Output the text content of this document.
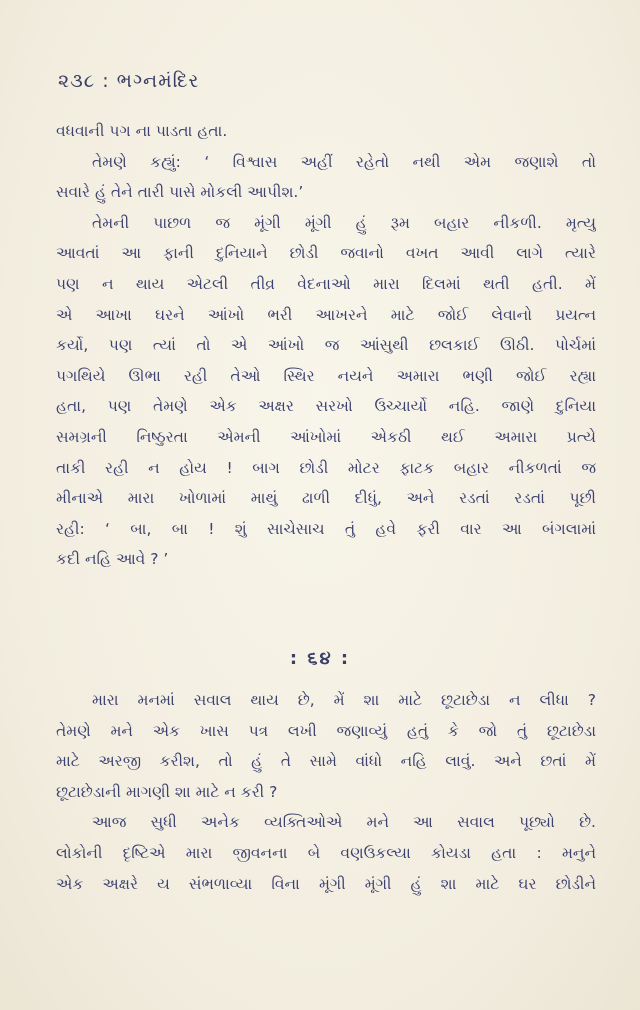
૨૩૮ : ભગ્નમંદિર
વધવાની પગ ના પાડતા હતા.
તેમણે કહ્યું: ‘ વિશ્વાસ અહીં રહેતો નથી એમ જણાશે તો
સવારે હું તેને તારી પાસે મોકલી આપીશ.’
તેમની પાછળ જ મૂંગી મૂંગી હું રૂમ બહાર નીકળી. મૃત્યુ
આવતાં આ ફાની દુનિયાને છોડી જવાનો વખત આવી લાગે ત્યારે
પણ ન થાય એટલી તીવ્ર વેદનાઓ મારા દિલમાં થતી હતી. મેં
એ આખા ઘરને આંખો ભરી આખરને માટે જોઈ લેવાનો પ્રયત્ન
કર્યો, પણ ત્યાં તો એ આંખો જ આંસુથી છલકાઈ ઊઠી. પોર્ચમાં
પગથિયે ઊભા રહી તેઓ સ્થિર નયને અમારા ભણી જોઈ રહ્યા
હતા, પણ તેમણે એક અક્ષર સરખો ઉચ્ચાર્યો નહિ. જાણે દુનિયા
સમગ્રની નિષ્ઠુરતા એમની આંખોમાં એકઠી થઈ અમારા પ્રત્યે
તાકી રહી ન હોય ! બાગ છોડી મોટર ફાટક બહાર નીકળતાં જ
મીનાએ મારા ખોળામાં માથું ઢાળી દીધું, અને રડતાં રડતાં પૂછી
રહી: ‘ બા, બા ! શું સાચેસાચ તું હવે ફરી વાર આ બંગલામાં
કદી નહિ આવે ? ’
: ૬૪ :
મારા મનમાં સવાલ થાય છે, મેં શા માટે છૂટાછેડા ન લીધા ?
તેમણે મને એક ખાસ પત્ર લખી જણાવ્યું હતું કે જો તું છૂટાછેડા
માટે અરજી કરીશ, તો હું તે સામે વાંધો નહિ લાવું. અને છતાં મેં
છૂટાછેડાની માગણી શા માટે ન કરી ?
આજ સુધી અનેક વ્યક્તિઓએ મને આ સવાલ પૂછ્યો છે.
લોકોની દૃષ્ટિએ મારા જીવનના બે વણઉકલ્યા કોયડા હતા : મનુને
એક અક્ષરે ય સંભળાવ્યા વિના મૂંગી મૂંગી હું શા માટે ઘર છોડીને
